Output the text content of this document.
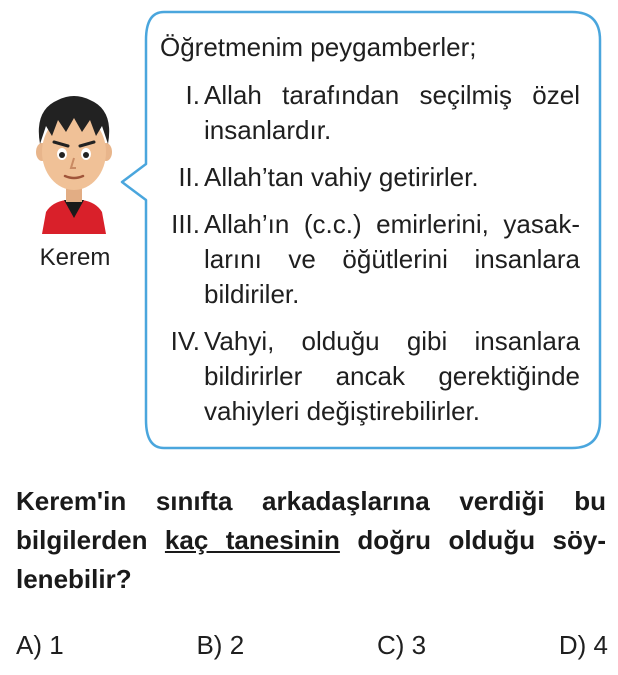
Kerem
Öğretmenim peygamberler;
I. Allah tarafından seçilmiş özel insanlardır.
II. Allah’tan vahiy getirirler.
III. Allah’ın (c.c.) emirlerini, yasak-larını ve öğütlerini insanlara bildiriler.
IV. Vahyi, olduğu gibi insanlara bildirirler ancak gerektiğinde vahiyleri değiştirebilirler.
Kerem'in sınıfta arkadaşlarına verdiği bu
bilgilerden kaç tanesinin doğru olduğu söy-
lenebilir?
A) 1	B) 2	C) 3	D) 4
